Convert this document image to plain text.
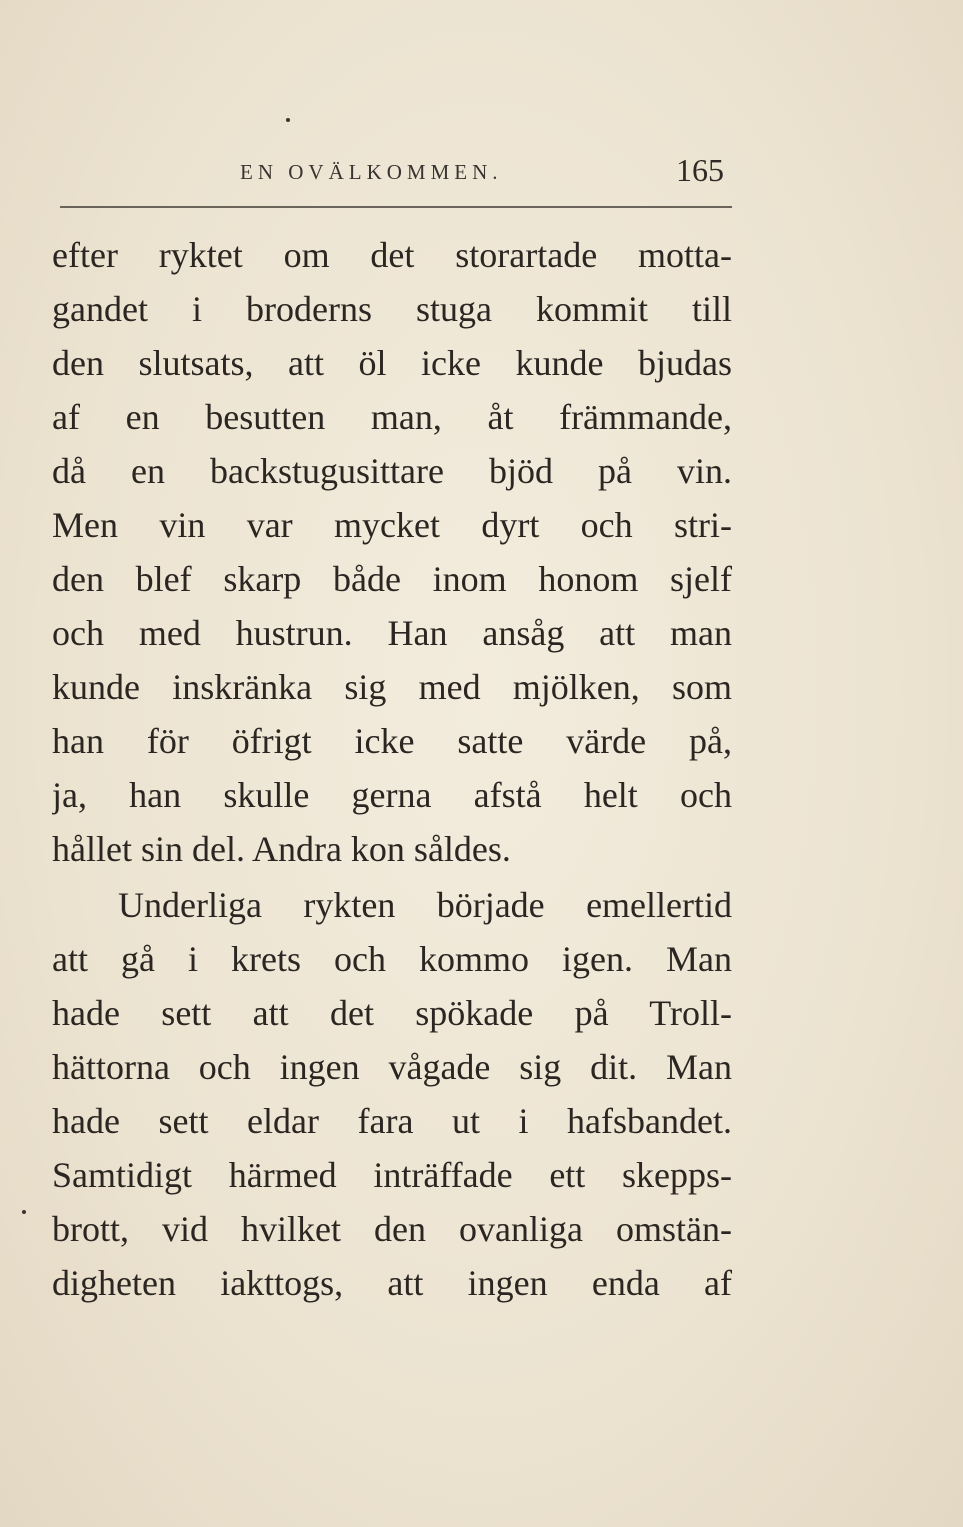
EN OVÄLKOMMEN.	165
efter ryktet om det storartade motta-
gandet i broderns stuga kommit till
den slutsats, att öl icke kunde bjudas
af en besutten man, åt främmande,
då en backstugusittare bjöd på vin.
Men vin var mycket dyrt och stri-
den blef skarp både inom honom sjelf
och med hustrun. Han ansåg att man
kunde inskränka sig med mjölken, som
han för öfrigt icke satte värde på,
ja, han skulle gerna afstå helt och
hållet sin del. Andra kon såldes.
Underliga rykten började emellertid
att gå i krets och kommo igen. Man
hade sett att det spökade på Troll-
hättorna och ingen vågade sig dit. Man
hade sett eldar fara ut i hafsbandet.
Samtidigt härmed inträffade ett skepps-
brott, vid hvilket den ovanliga omstän-
digheten iakttogs, att ingen enda af
